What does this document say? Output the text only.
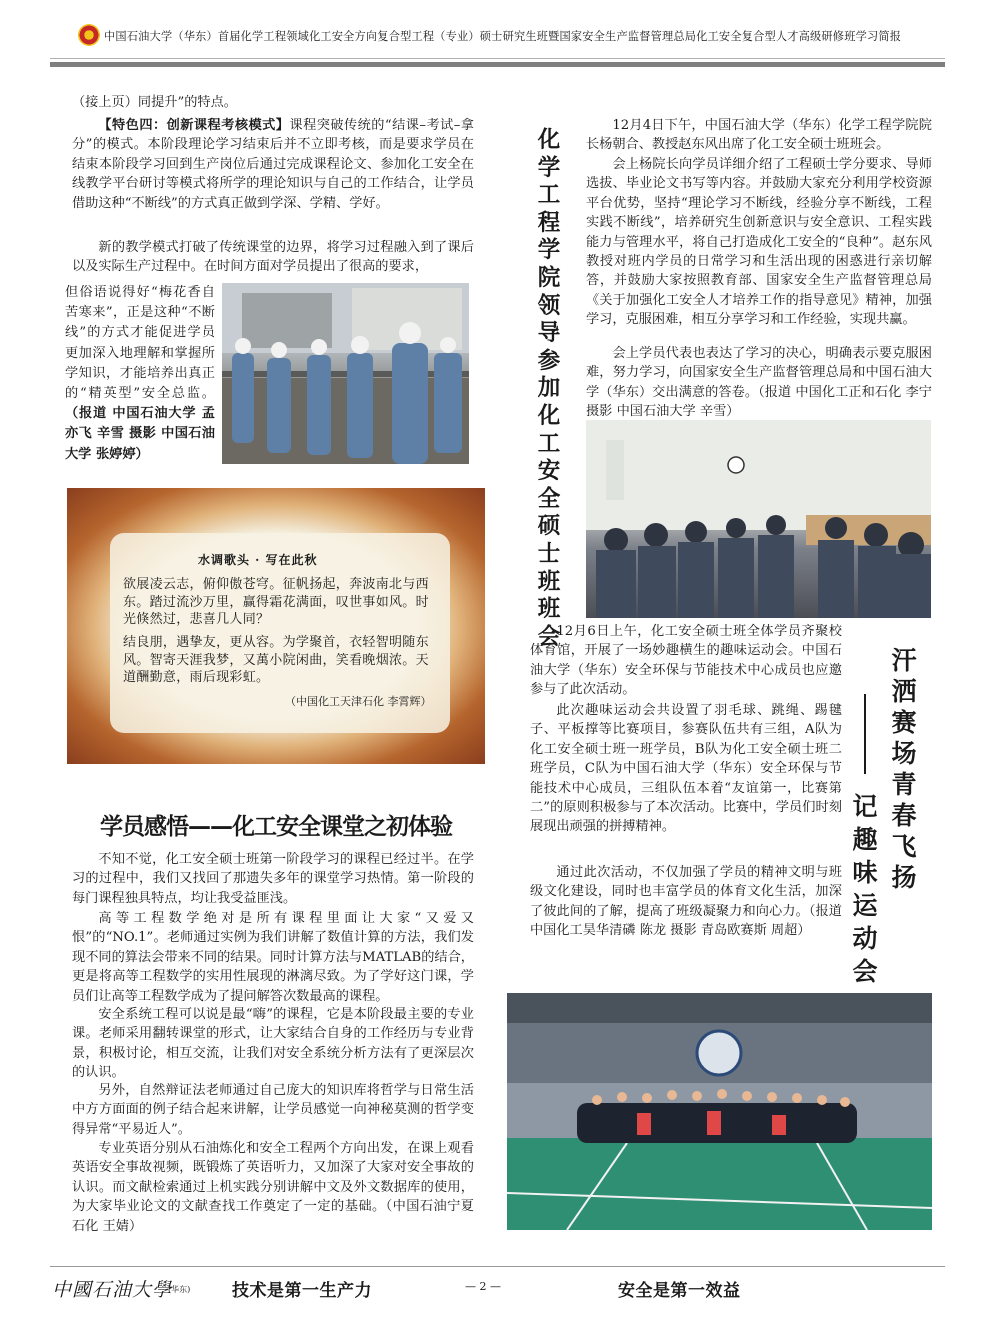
中国石油大学（华东）首届化学工程领域化工安全方向复合型工程（专业）硕士研究生班暨国家安全生产监督管理总局化工安全复合型人才高级研修班学习简报

（接上页）同提升”的特点。

【特色四：创新课程考核模式】课程突破传统的“结课–考试–拿分”的模式。本阶段理论学习结束后并不立即考核，而是要求学员在结束本阶段学习回到生产岗位后通过完成课程论文、参加化工安全在线教学平台研讨等模式将所学的理论知识与自己的工作结合，让学员借助这种“不断线”的方式真正做到学深、学精、学好。

新的教学模式打破了传统课堂的边界，将学习过程融入到了课后以及实际生产过程中。在时间方面对学员提出了很高的要求，

但俗语说得好“梅花香自苦寒来”，正是这种“不断线”的方式才能促进学员更加深入地理解和掌握所学知识，才能培养出真正的“精英型”安全总监。（报道 中国石油大学 孟亦飞 辛雪 摄影 中国石油大学 张婷婷）

水调歌头 · 写在此秋

欲展凌云志，俯仰傲苍穹。征帆扬起，奔波南北与西东。踏过流沙万里，赢得霜花满面，叹世事如风。时光倏然过，悲喜几人同？

结良朋，遇挚友，更从容。为学聚首，衣轻智明随东风。智寄天涯我梦，又萬小院闲曲，笑看晚烟浓。天道酬勤意，雨后现彩虹。

（中国化工天津石化 李霄辉）
学员感悟——化工安全课堂之初体验

不知不觉，化工安全硕士班第一阶段学习的课程已经过半。在学习的过程中，我们又找回了那遗失多年的课堂学习热情。第一阶段的每门课程独具特点，均让我受益匪浅。

高等工程数学绝对是所有课程里面让大家“又爱又恨”的“NO.1”。老师通过实例为我们讲解了数值计算的方法，我们发现不同的算法会带来不同的结果。同时计算方法与MATLAB的结合，更是将高等工程数学的实用性展现的淋漓尽致。为了学好这门课，学员们让高等工程数学成为了提问解答次数最高的课程。

安全系统工程可以说是最“嗨”的课程，它是本阶段最主要的专业课。老师采用翻转课堂的形式，让大家结合自身的工作经历与专业背景，积极讨论，相互交流，让我们对安全系统分析方法有了更深层次的认识。

另外，自然辩证法老师通过自己庞大的知识库将哲学与日常生活中方方面面的例子结合起来讲解，让学员感觉一向神秘莫测的哲学变得异常“平易近人”。

专业英语分别从石油炼化和安全工程两个方向出发，在课上观看英语安全事故视频，既锻炼了英语听力，又加深了大家对安全事故的认识。而文献检索通过上机实践分别讲解中文及外文数据库的使用，为大家毕业论文的文献查找工作奠定了一定的基础。（中国石油宁夏石化 王婧）

化学工程学院领导参加化工安全硕士班班会

12月4日下午，中国石油大学（华东）化学工程学院院长杨朝合、教授赵东风出席了化工安全硕士班班会。

会上杨院长向学员详细介绍了工程硕士学分要求、导师选拔、毕业论文书写等内容。并鼓励大家充分利用学校资源平台优势，坚持“理论学习不断线，经验分享不断线，工程实践不断线”，培养研究生创新意识与安全意识、工程实践能力与管理水平，将自己打造成化工安全的“良种”。赵东风教授对班内学员的日常学习和生活出现的困惑进行亲切解答，并鼓励大家按照教育部、国家安全生产监督管理总局《关于加强化工安全人才培养工作的指导意见》精神，加强学习，克服困难，相互分享学习和工作经验，实现共赢。

会上学员代表也表达了学习的决心，明确表示要克服困难，努力学习，向国家安全生产监督管理总局和中国石油大学（华东）交出满意的答卷。（报道 中国化工正和石化 李宁 摄影 中国石油大学 辛雪）

12月6日上午，化工安全硕士班全体学员齐聚校体育馆，开展了一场妙趣横生的趣味运动会。中国石油大学（华东）安全环保与节能技术中心成员也应邀参与了此次活动。

此次趣味运动会共设置了羽毛球、跳绳、踢毽子、平板撑等比赛项目，参赛队伍共有三组，A队为化工安全硕士班一班学员，B队为化工安全硕士班二班学员，C队为中国石油大学（华东）安全环保与节能技术中心成员，三组队伍本着“友谊第一，比赛第二”的原则积极参与了本次活动。比赛中，学员们时刻展现出顽强的拼搏精神。

通过此次活动，不仅加强了学员的精神文明与班级文化建设，同时也丰富学员的体育文化生活，加深了彼此间的了解，提高了班级凝聚力和向心力。（报道 中国化工昊华清磷 陈龙 摄影 青岛欧赛斯 周超）

汗洒赛场 青春飞扬
记趣味运动会
中國石油大學
(华东) 技术是第一生产力	— 2 —	安全是第一效益
